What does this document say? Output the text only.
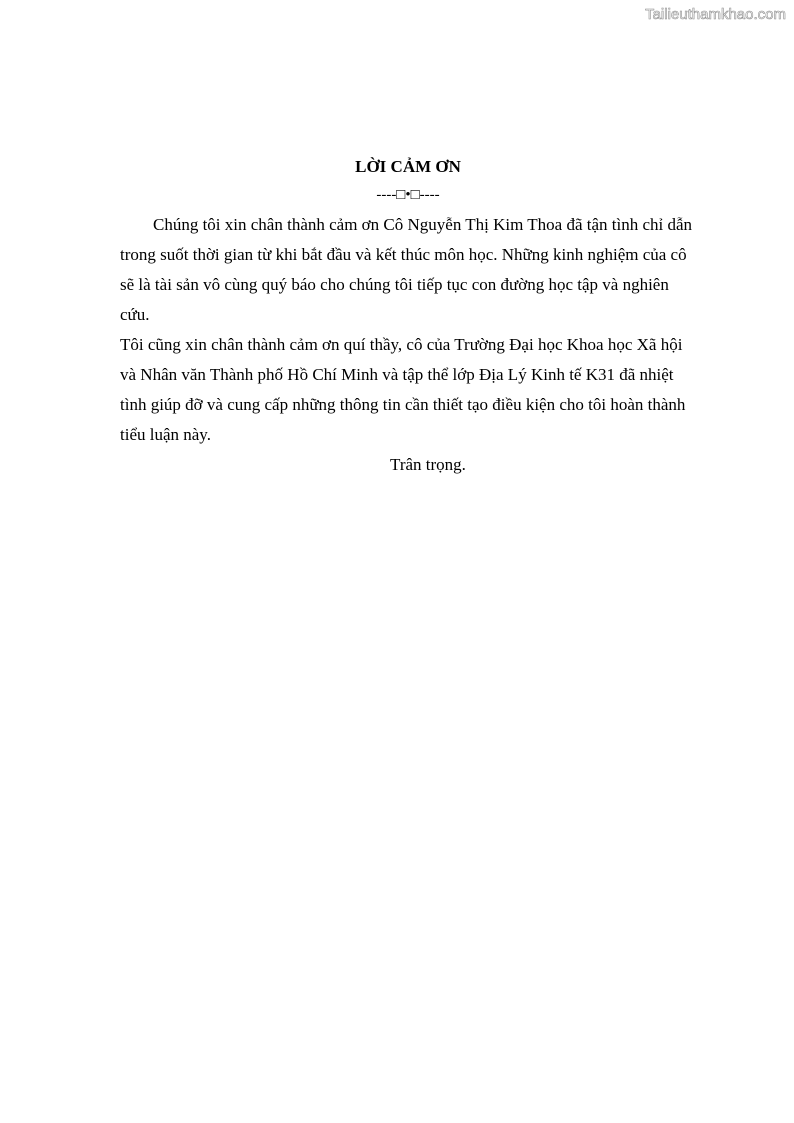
Tailieuthamkhao.com
LỜI CẢM ƠN
----□•□----

Chúng tôi xin chân thành cảm ơn Cô Nguyễn Thị Kim Thoa đã tận tình chỉ dẫn trong suốt thời gian từ khi bắt đầu và kết thúc môn học. Những kinh nghiệm của cô sẽ là tài sản vô cùng quý báo cho chúng tôi tiếp tục con đường học tập và nghiên cứu.

Tôi cũng xin chân thành cảm ơn quí thầy, cô của Trường Đại học Khoa học Xã hội và Nhân văn Thành phố Hồ Chí Minh và tập thể lớp Địa Lý Kinh tế K31 đã nhiệt tình giúp đỡ và cung cấp những thông tin cần thiết tạo điều kiện cho tôi hoàn thành tiểu luận này.

Trân trọng.
